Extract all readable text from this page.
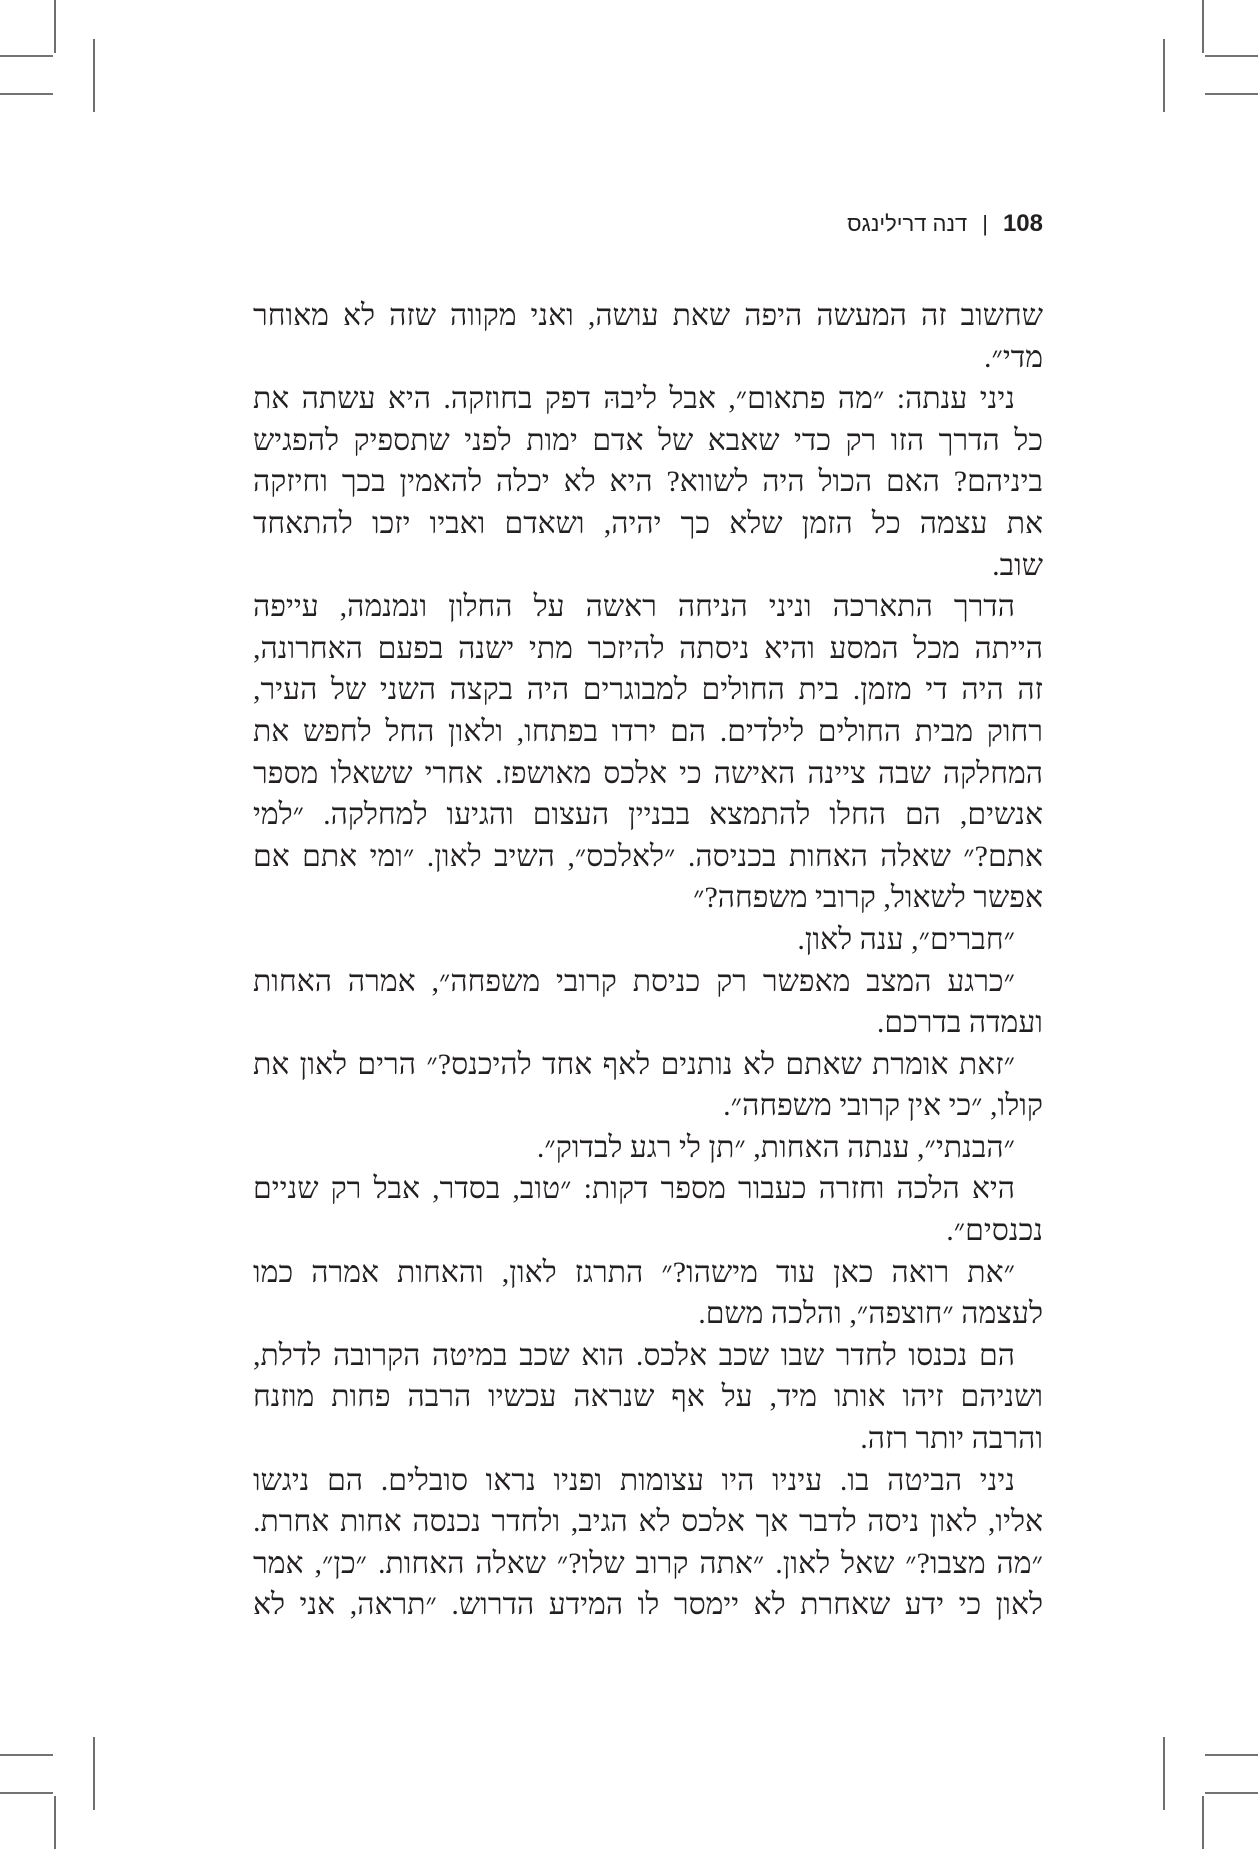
108
|
דנה דרילינגס
שחשוב זה המעשה היפה שאת עושה, ואני מקווה שזה לא מאוחר
מדי״.
ניני ענתה: ״מה פתאום״, אבל ליבהּ דפק בחוזקה. היא עשתה את
כל הדרך הזו רק כדי שאבא של אדם ימות לפני שתספיק להפגיש
ביניהם? האם הכול היה לשווא? היא לא יכלה להאמין בכך וחיזקה
את עצמה כל הזמן שלא כך יהיה, ושאדם ואביו יזכו להתאחד
שוב.
הדרך התארכה וניני הניחה ראשה על החלון ונמנמה, עייפה
הייתה מכל המסע והיא ניסתה להיזכר מתי ישנה בפעם האחרונה,
זה היה די מזמן. בית החולים למבוגרים היה בקצה השני של העיר,
רחוק מבית החולים לילדים. הם ירדו בפתחו, ולאון החל לחפש את
המחלקה שבה ציינה האישה כי אלכס מאושפז. אחרי ששאלו מספר
אנשים, הם החלו להתמצא בבניין העצום והגיעו למחלקה. ״למי
אתם?״ שאלה האחות בכניסה. ״לאלכס״, השיב לאון. ״ומי אתם אם
אפשר לשאול, קרובי משפחה?״
״חברים״, ענה לאון.
״כרגע המצב מאפשר רק כניסת קרובי משפחה״, אמרה האחות
ועמדה בדרכם.
״זאת אומרת שאתם לא נותנים לאף אחד להיכנס?״ הרים לאון את
קולו, ״כי אין קרובי משפחה״.
״הבנתי״, ענתה האחות, ״תן לי רגע לבדוק״.
היא הלכה וחזרה כעבור מספר דקות: ״טוב, בסדר, אבל רק שניים
נכנסים״.
״את רואה כאן עוד מישהו?״ התרגז לאון, והאחות אמרה כמו
לעצמה ״חוצפה״, והלכה משם.
הם נכנסו לחדר שבו שכב אלכס. הוא שכב במיטה הקרובה לדלת,
ושניהם זיהו אותו מיד, על אף שנראה עכשיו הרבה פחות מוזנח
והרבה יותר רזה.
ניני הביטה בו. עיניו היו עצומות ופניו נראו סובלים. הם ניגשו
אליו, לאון ניסה לדבר אך אלכס לא הגיב, ולחדר נכנסה אחות אחרת.
״מה מצבו?״ שאל לאון. ״אתה קרוב שלו?״ שאלה האחות. ״כן״, אמר
לאון כי ידע שאחרת לא יימסר לו המידע הדרוש. ״תראה, אני לא
